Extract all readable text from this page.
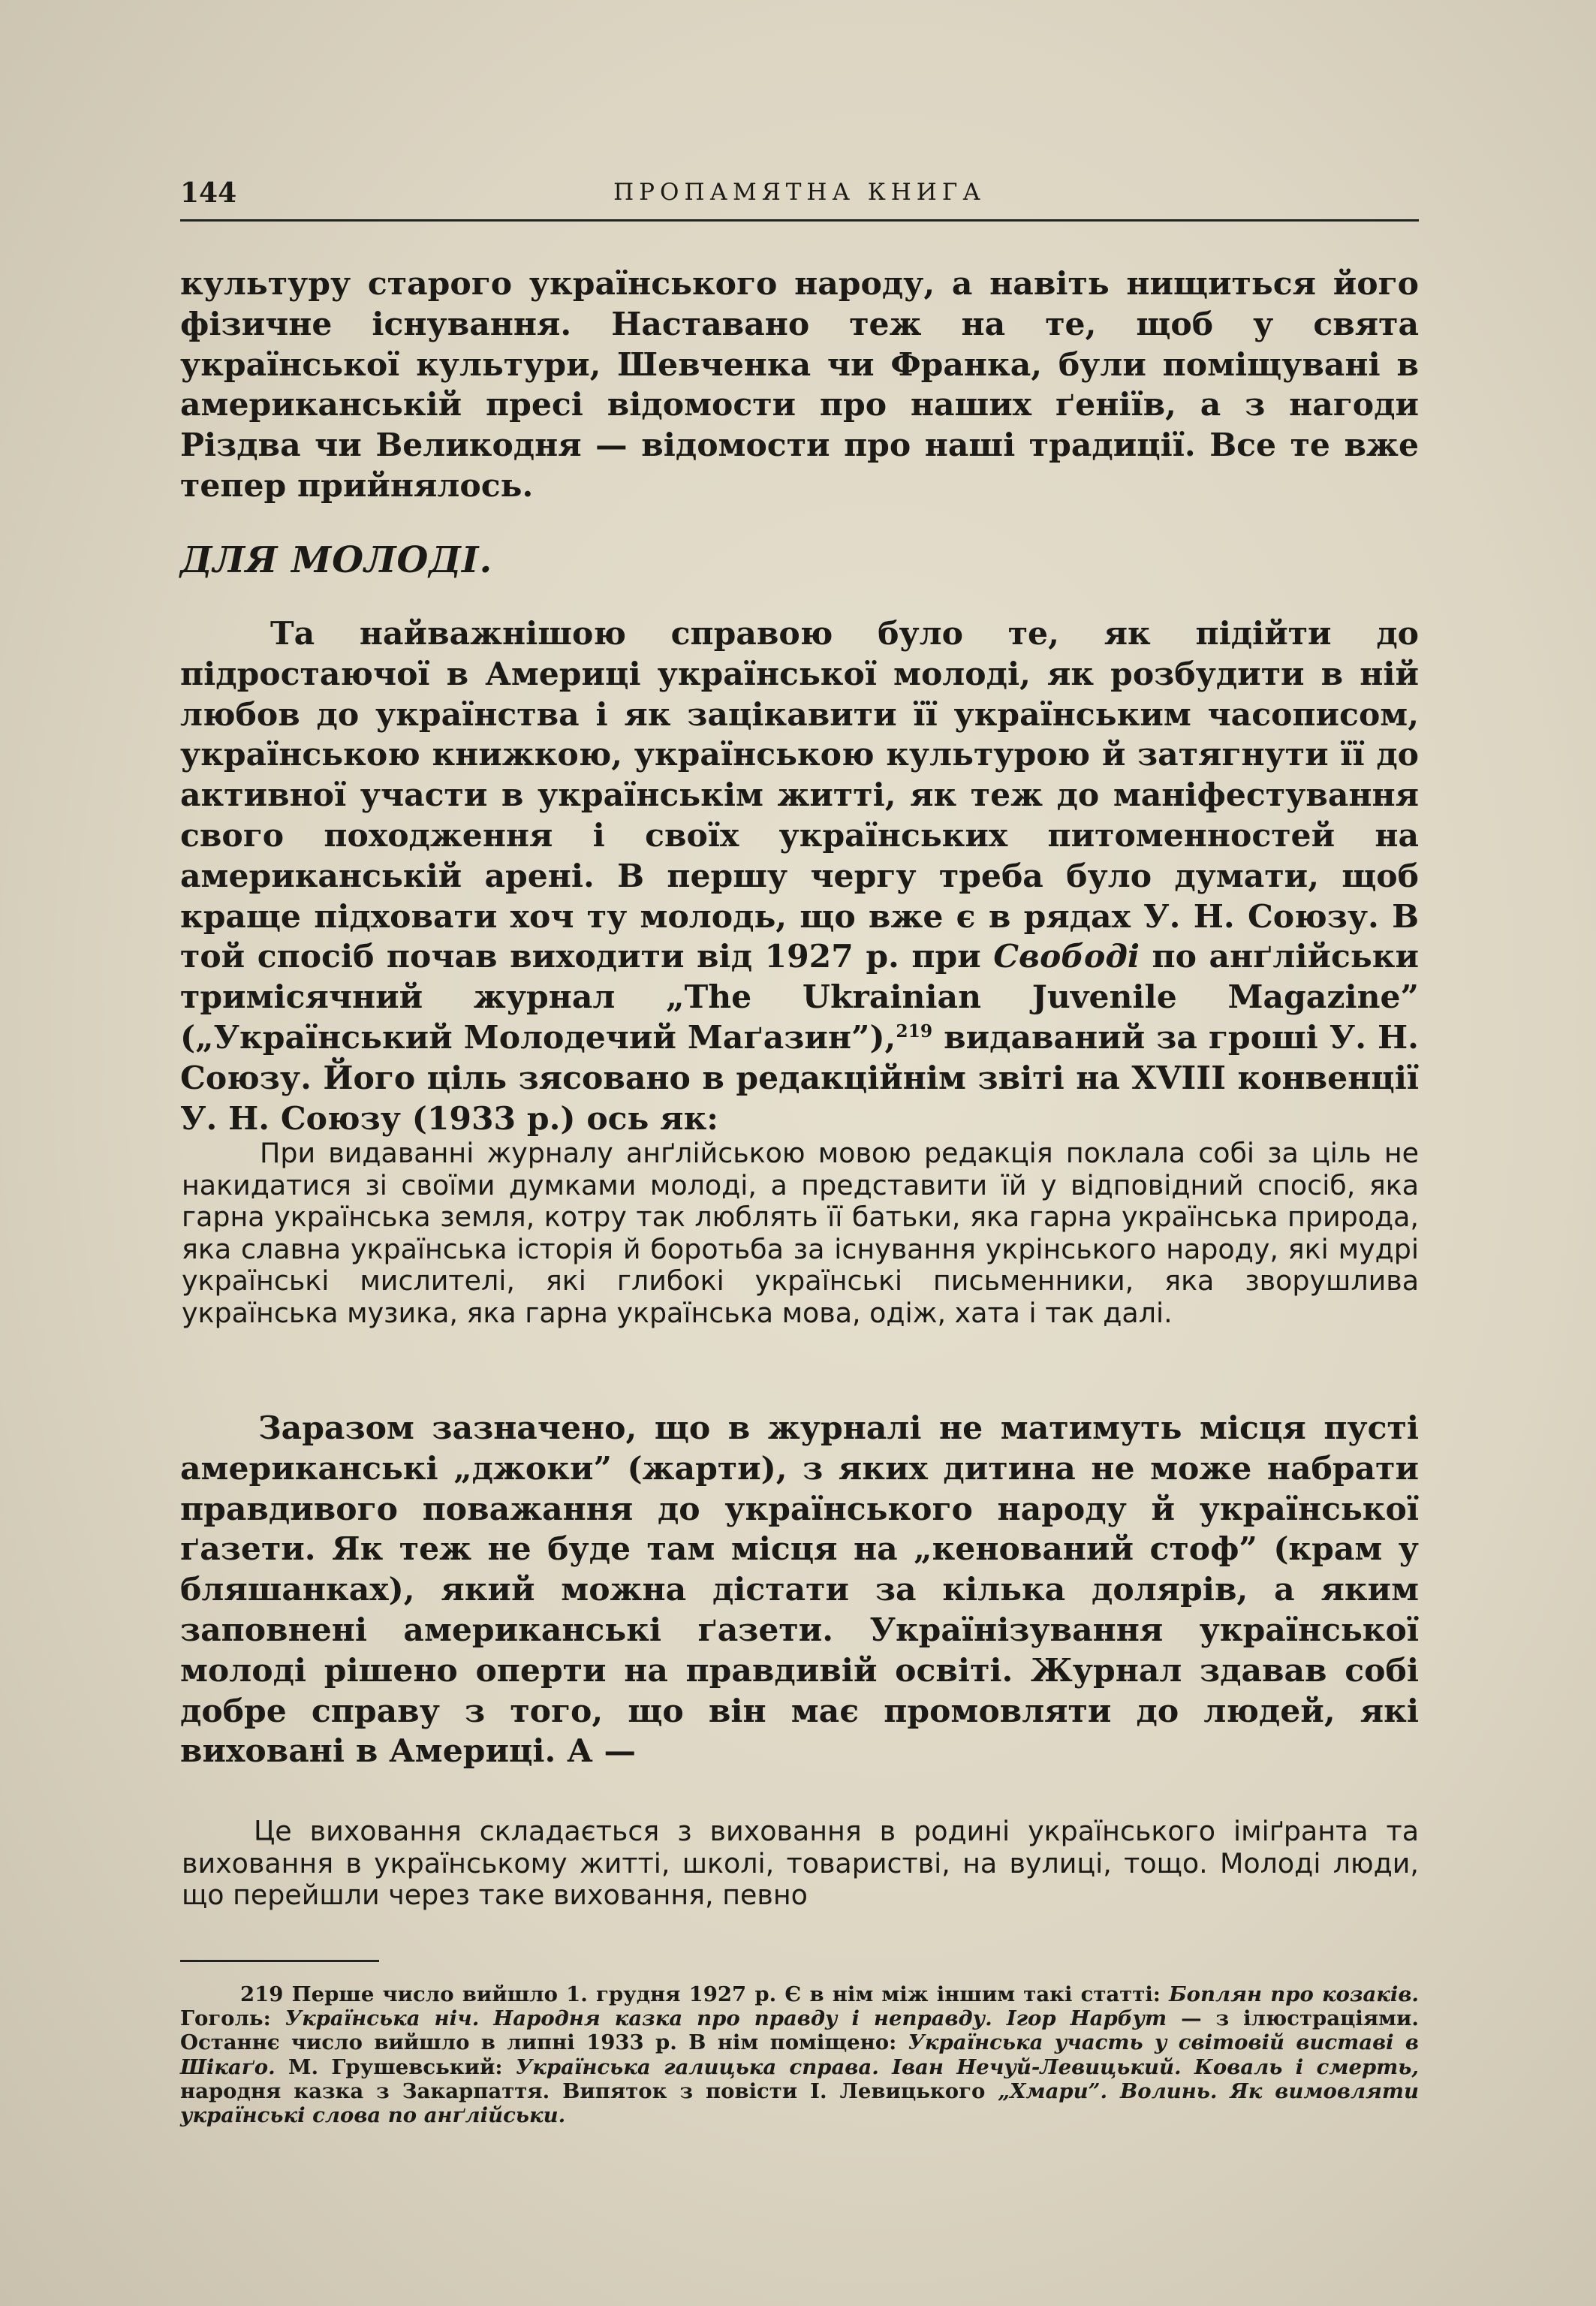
144	ПРОПАМЯТНА КНИГА

культуру старого українського народу, а навіть нищиться його фізичне існування. Наставано теж на те, щоб у свята української культури, Шевченка чи Франка, були поміщувані в американській пресі відомости про наших ґеніїв, а з нагоди Різдва чи Великодня — відомости про наші традиції. Все те вже тепер прийнялось.

ДЛЯ МОЛОДІ.

Та найважнішою справою було те, як підійти до підростаючої в Америці української молоді, як розбудити в ній любов до українства і як зацікавити її українським часописом, українською книжкою, українською культурою й затягнути її до активної участи в українськім житті, як теж до маніфестування свого походження і своїх українських питоменностей на американській арені. В першу чергу треба було думати, щоб краще підховати хоч ту молодь, що вже є в рядах У. Н. Союзу. В той спосіб почав виходити від 1927 р. при Свободі по анґлійськи тримісячний журнал „The Ukrainian Juvenile Magazine” („Український Молодечий Маґазин”),$^{219}$ видаваний за гроші У. Н. Союзу. Його ціль зясовано в редакційнім звіті на XVIII конвенції У. Н. Союзу (1933 р.) ось як:

При видаванні журналу анґлійською мовою редакція поклала собі за ціль не накидатися зі своїми думками молоді, а представити їй у відповідний спосіб, яка гарна українська земля, котру так люблять її батьки, яка гарна українська природа, яка славна українська історія й боротьба за існування укрінського народу, які мудрі українські мислителі, які глибокі українські письменники, яка зворушлива українська музика, яка гарна українська мова, одіж, хата і так далі.

Заразом зазначено, що в журналі не матимуть місця пусті американські „джоки” (жарти), з яких дитина не може набрати правдивого поважання до українського народу й української ґазети. Як теж не буде там місця на „кенований стоф” (крам у бляшанках), який можна дістати за кілька долярів, а яким заповнені американські ґазети. Українізування української молоді рішено оперти на правдивій освіті. Журнал здавав собі добре справу з того, що він має промовляти до людей, які виховані в Америці. А —

Це виховання складається з виховання в родині українського іміґранта та виховання в українському житті, школі, товаристві, на вулиці, тощо. Молоді люди, що перейшли через таке виховання, певно

219 Перше число вийшло 1. грудня 1927 р. Є в нім між іншим такі статті: Боплян про козаків. Гоголь: Українська ніч. Народня казка про правду і неправду. Ігор Нарбут — з ілюстраціями. Останнє число вийшло в липні 1933 р. В нім поміщено: Українська участь у світовій виставі в Шікаґо. М. Грушевський: Українська галицька справа. Іван Нечуй-Левицький. Коваль і смерть, народня казка з Закарпаття. Випяток з повісти І. Левицького „Хмари”. Волинь. Як вимовляти українські слова по анґлійськи.
